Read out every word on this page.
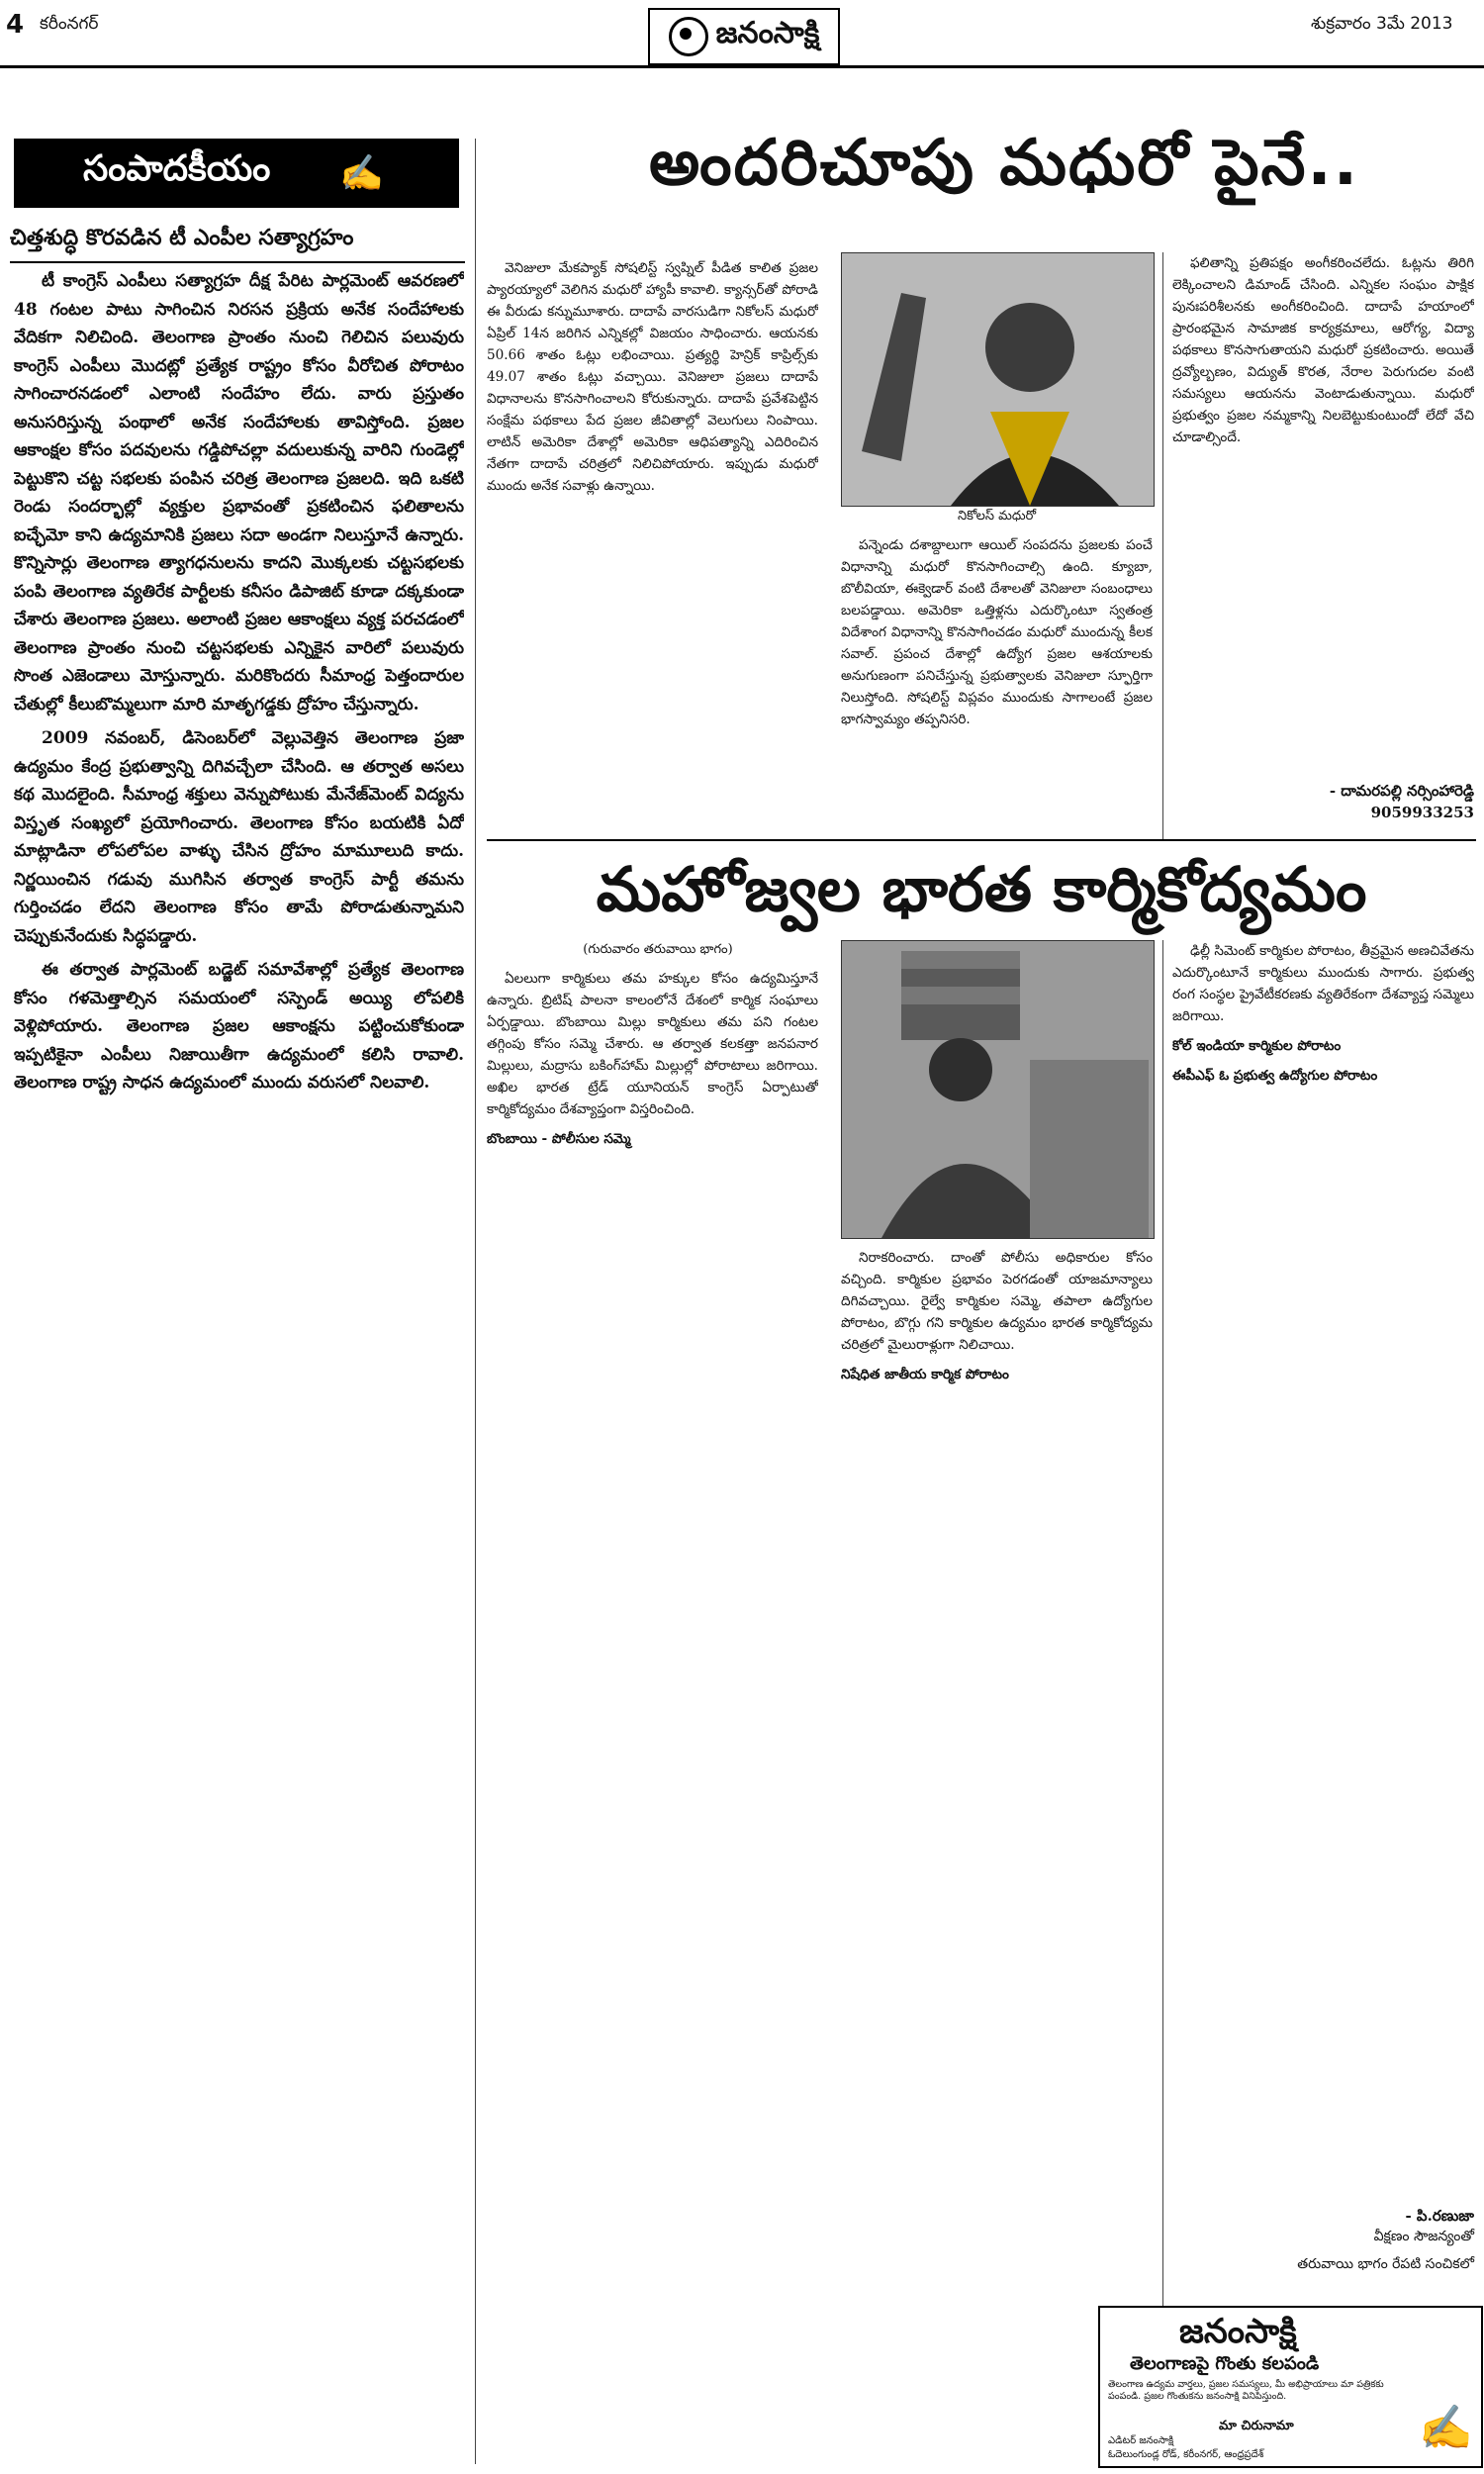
4 కరీంనగర్	జనంసాక్షి	శుక్రవారం 3మే 2013
సంపాదకీయం ✍
చిత్తశుద్ధి కొరవడిన టీ ఎంపీల సత్యాగ్రహం

టీ కాంగ్రెస్‌ ఎంపీలు సత్యాగ్రహ దీక్ష పేరిట పార్లమెంట్‌ ఆవరణలో 48 గంటల పాటు సాగించిన నిరసన ప్రక్రియ అనేక సందేహాలకు వేదికగా నిలిచింది. తెలంగాణ ప్రాంతం నుంచి గెలిచిన పలువురు కాంగ్రెస్‌ ఎంపీలు మొదట్లో ప్రత్యేక రాష్ట్రం కోసం వీరోచిత పోరాటం సాగించారనడంలో ఎలాంటి సందేహం లేదు. వారు ప్రస్తుతం అనుసరిస్తున్న పంథాలో అనేక సందేహాలకు తావిస్తోంది. ప్రజల ఆకాంక్షల కోసం పదవులను గడ్డిపోచల్లా వదులుకున్న వారిని గుండెల్లో పెట్టుకొని చట్ట సభలకు పంపిన చరిత్ర తెలంగాణ ప్రజలది. ఇది ఒకటి రెండు సందర్భాల్లో వ్యక్తుల ప్రభావంతో ప్రకటించిన ఫలితాలను ఐచ్ఛేమో కాని ఉద్యమానికి ప్రజలు సదా అండగా నిలుస్తూనే ఉన్నారు. కొన్నిసార్లు తెలంగాణ త్యాగధనులను కాదని మొక్కలకు చట్టసభలకు పంపి తెలంగాణ వ్యతిరేక పార్టీలకు కనీసం డిపాజిట్‌ కూడా దక్కకుండా చేశారు తెలంగాణ ప్రజలు. అలాంటి ప్రజల ఆకాంక్షలు వ్యక్త పరచడంలో తెలంగాణ ప్రాంతం నుంచి చట్టసభలకు ఎన్నికైన వారిలో పలువురు సొంత ఎజెండాలు మోస్తున్నారు. మరికొందరు సీమాంధ్ర పెత్తందారుల చేతుల్లో కీలుబొమ్మలుగా మారి మాతృగడ్డకు ద్రోహం చేస్తున్నారు.

2009 నవంబర్‌, డిసెంబర్‌లో వెల్లువెత్తిన తెలంగాణ ప్రజా ఉద్యమం కేంద్ర ప్రభుత్వాన్ని దిగివచ్చేలా చేసింది. ఆ తర్వాత అసలు కథ మొదలైంది. సీమాంధ్ర శక్తులు వెన్నుపోటుకు మేనేజ్‌మెంట్‌ విద్యను విస్తృత సంఖ్యలో ప్రయోగించారు. తెలంగాణ కోసం బయటికి ఏదో మాట్లాడినా లోపలోపల వాళ్ళు చేసిన ద్రోహం మామూలుది కాదు. నిర్ణయించిన గడువు ముగిసిన తర్వాత కాంగ్రెస్‌ పార్టీ తమను గుర్తించడం లేదని తెలంగాణ కోసం తామే పోరాడుతున్నామని చెప్పుకునేందుకు సిద్ధపడ్డారు.

ఈ తర్వాత పార్లమెంట్‌ బడ్జెట్‌ సమావేశాల్లో ప్రత్యేక తెలంగాణ కోసం గళమెత్తాల్సిన సమయంలో సస్పెండ్‌ అయ్యి లోపలికి వెళ్లిపోయారు. తెలంగాణ ప్రజల ఆకాంక్షను పట్టించుకోకుండా ఇప్పటికైనా ఎంపీలు నిజాయితీగా ఉద్యమంలో కలిసి రావాలి. తెలంగాణ రాష్ట్ర సాధన ఉద్యమంలో ముందు వరుసలో నిలవాలి.

అందరిచూపు మధురో పైనే..

వెనిజులా మేకప్యాక్‌ సోషలిస్ట్‌ స్వప్నిల్‌ పీడిత కాలిత ప్రజల ప్యారయ్యాలో వెలిగిన మధురో హ్యాపీ కావాలి. క్యాన్సర్‌తో పోరాడి ఈ వీరుడు కన్నుమూశారు. దాదాపే వారసుడిగా నికోలస్‌ మధురో ఏప్రిల్‌ 14న జరిగిన ఎన్నికల్లో విజయం సాధించారు. ఆయనకు 50.66 శాతం ఓట్లు లభించాయి. ప్రత్యర్థి హెన్రిక్‌ కాప్రిల్స్‌కు 49.07 శాతం ఓట్లు వచ్చాయి. వెనిజులా ప్రజలు దాదాపే విధానాలను కొనసాగించాలని కోరుకున్నారు. దాదాపే ప్రవేశపెట్టిన సంక్షేమ పథకాలు పేద ప్రజల జీవితాల్లో వెలుగులు నింపాయి. లాటిన్‌ అమెరికా దేశాల్లో అమెరికా ఆధిపత్యాన్ని ఎదిరించిన నేతగా దాదాపే చరిత్రలో నిలిచిపోయారు. ఇప్పుడు మధురో ముందు అనేక సవాళ్లు ఉన్నాయి.

నికోలస్‌ మధురో

పన్నెండు దశాబ్దాలుగా ఆయిల్‌ సంపదను ప్రజలకు పంచే విధానాన్ని మధురో కొనసాగించాల్సి ఉంది. క్యూబా, బొలీవియా, ఈక్వెడార్‌ వంటి దేశాలతో వెనిజులా సంబంధాలు బలపడ్డాయి. అమెరికా ఒత్తిళ్లను ఎదుర్కొంటూ స్వతంత్ర విదేశాంగ విధానాన్ని కొనసాగించడం మధురో ముందున్న కీలక సవాల్‌. ప్రపంచ దేశాల్లో ఉద్యోగ ప్రజల ఆశయాలకు అనుగుణంగా పనిచేస్తున్న ప్రభుత్వాలకు వెనిజులా స్ఫూర్తిగా నిలుస్తోంది. సోషలిస్ట్‌ విప్లవం ముందుకు సాగాలంటే ప్రజల భాగస్వామ్యం తప్పనిసరి.

ఫలితాన్ని ప్రతిపక్షం అంగీకరించలేదు. ఓట్లను తిరిగి లెక్కించాలని డిమాండ్‌ చేసింది. ఎన్నికల సంఘం పాక్షిక పునఃపరిశీలనకు అంగీకరించింది. దాదాపే హయాంలో ప్రారంభమైన సామాజిక కార్యక్రమాలు, ఆరోగ్య, విద్యా పథకాలు కొనసాగుతాయని మధురో ప్రకటించారు. అయితే ద్రవ్యోల్బణం, విద్యుత్‌ కొరత, నేరాల పెరుగుదల వంటి సమస్యలు ఆయనను వెంటాడుతున్నాయి. మధురో ప్రభుత్వం ప్రజల నమ్మకాన్ని నిలబెట్టుకుంటుందో లేదో వేచి చూడాల్సిందే.

- దామరపల్లి నర్సింహారెడ్డి
9059933253
మహోజ్వల భారత కార్మికోద్యమం
(గురువారం తరువాయి భాగం)

ఏలలుగా కార్మికులు తమ హక్కుల కోసం ఉద్యమిస్తూనే ఉన్నారు. బ్రిటిష్‌ పాలనా కాలంలోనే దేశంలో కార్మిక సంఘాలు ఏర్పడ్డాయి. బొంబాయి మిల్లు కార్మికులు తమ పని గంటల తగ్గింపు కోసం సమ్మె చేశారు. ఆ తర్వాత కలకత్తా జనపనార మిల్లులు, మద్రాసు బకింగ్‌హామ్‌ మిల్లుల్లో పోరాటాలు జరిగాయి. అఖిల భారత ట్రేడ్‌ యూనియన్‌ కాంగ్రెస్‌ ఏర్పాటుతో కార్మికోద్యమం దేశవ్యాప్తంగా విస్తరించింది.

బొంబాయి - పోలీసుల సమ్మె

నిరాకరించారు. దాంతో పోలీసు అధికారుల కోసం వచ్చింది. కార్మికుల ప్రభావం పెరగడంతో యాజమాన్యాలు దిగివచ్చాయి. రైల్వే కార్మికుల సమ్మె, తపాలా ఉద్యోగుల పోరాటం, బొగ్గు గని కార్మికుల ఉద్యమం భారత కార్మికోద్యమ చరిత్రలో మైలురాళ్లుగా నిలిచాయి.

నిషేధిత జాతీయ కార్మిక పోరాటం

ఢిల్లీ సిమెంట్‌ కార్మికుల పోరాటం, తీవ్రమైన అణచివేతను ఎదుర్కొంటూనే కార్మికులు ముందుకు సాగారు. ప్రభుత్వ రంగ సంస్థల ప్రైవేటీకరణకు వ్యతిరేకంగా దేశవ్యాప్త సమ్మెలు జరిగాయి.

కోల్‌ ఇండియా కార్మికుల పోరాటం
ఈపీఎఫ్‌ ఓ ప్రభుత్వ ఉద్యోగుల పోరాటం
- పి.రణుజా
వీక్షణం సౌజన్యంతో
తరువాయి భాగం రేపటి సంచికలో
జనంసాక్షి
తెలంగాణపై గొంతు కలపండి
తెలంగాణ ఉద్యమ వార్తలు, ప్రజల సమస్యలు, మీ అభిప్రాయాలు మా పత్రికకు పంపండి. ప్రజల గొంతుకను జనంసాక్షి వినిపిస్తుంది.
మా చిరునామా
ఎడిటర్‌ జనంసాక్షి
ఓదెలుంగుండ్ల రోడ్‌, కరీంనగర్‌, ఆంధ్రప్రదేశ్‌
✍
